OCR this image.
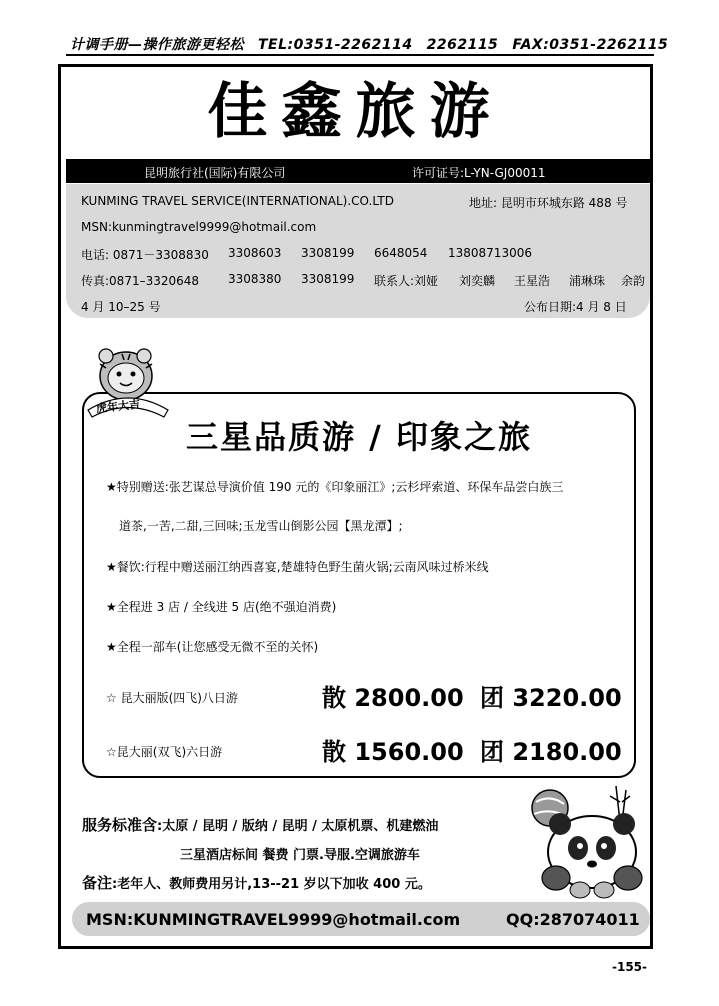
计调手册—操作旅游更轻松 TEL:0351-2262114 2262115 FAX:0351-2262115
佳鑫旅游
昆明旅行社(国际)有限公司	许可证号:L-YN-GJ00011
KUNMING TRAVEL SERVICE(INTERNATIONAL).CO.LTD	地址: 昆明市环城东路 488 号
MSN:kunmingtravel9999@hotmail.com
电话: 0871－3308830 3308603 3308199 6648054 13808713006
传真:0871–3320648 3308380 3308199 联系人:刘娅 刘奕麟 王星浩 浦琳珠 余韵
4 月 10–25 号	公布日期:4 月 8 日
虎年大吉
三星品质游 / 印象之旅
★特别赠送:张艺谋总导演价值 190 元的《印象丽江》;云杉坪索道、环保车品尝白族三
道茶,一苦,二甜,三回味;玉龙雪山倒影公园【黑龙潭】;
★餐饮:行程中赠送丽江纳西喜宴,楚雄特色野生菌火锅;云南风味过桥米线
★全程进 3 店 / 全线进 5 店(绝不强迫消费)
★全程一部车(让您感受无微不至的关怀)
☆ 昆大丽版(四飞)八日游	散 2800.00 团 3220.00
☆昆大丽(双飞)六日游	散 1560.00 团 2180.00
服务标准含:太原 / 昆明 / 版纳 / 昆明 / 太原机票、机建燃油
三星酒店标间 餐费 门票.导服.空调旅游车
备注:老年人、教师费用另计,13--21 岁以下加收 400 元。
MSN:KUNMINGTRAVEL9999@hotmail.com	QQ:287074011
-155-
